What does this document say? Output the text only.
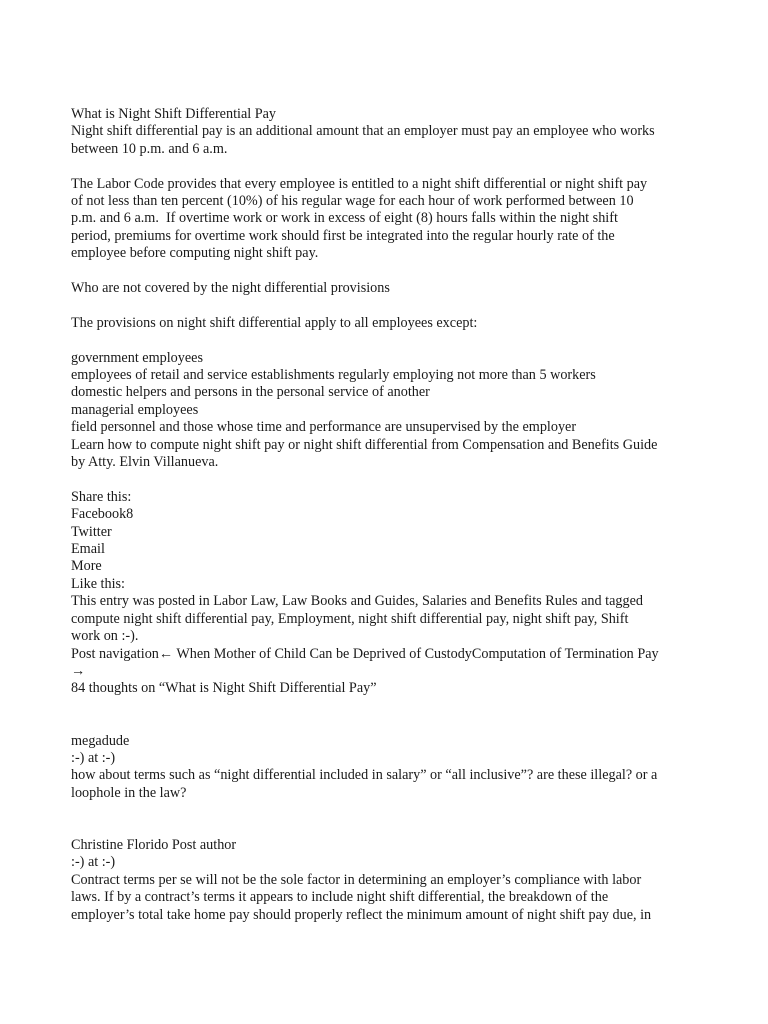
What is Night Shift Differential Pay
Night shift differential pay is an additional amount that an employer must pay an employee who works
between 10 p.m. and 6 a.m.
The Labor Code provides that every employee is entitled to a night shift differential or night shift pay
of not less than ten percent (10%) of his regular wage for each hour of work performed between 10
p.m. and 6 a.m.  If overtime work or work in excess of eight (8) hours falls within the night shift
period, premiums for overtime work should first be integrated into the regular hourly rate of the
employee before computing night shift pay.
Who are not covered by the night differential provisions
The provisions on night shift differential apply to all employees except:
government employees
employees of retail and service establishments regularly employing not more than 5 workers
domestic helpers and persons in the personal service of another
managerial employees
field personnel and those whose time and performance are unsupervised by the employer
Learn how to compute night shift pay or night shift differential from Compensation and Benefits Guide
by Atty. Elvin Villanueva.
Share this:
Facebook8
Twitter
Email
More
Like this:
This entry was posted in Labor Law, Law Books and Guides, Salaries and Benefits Rules and tagged
compute night shift differential pay, Employment, night shift differential pay, night shift pay, Shift
work on :-).
Post navigation← When Mother of Child Can be Deprived of CustodyComputation of Termination Pay
→
84 thoughts on “What is Night Shift Differential Pay”
megadude
:-) at :-)
how about terms such as “night differential included in salary” or “all inclusive”? are these illegal? or a
loophole in the law?
Christine Florido Post author
:-) at :-)
Contract terms per se will not be the sole factor in determining an employer’s compliance with labor
laws. If by a contract’s terms it appears to include night shift differential, the breakdown of the
employer’s total take home pay should properly reflect the minimum amount of night shift pay due, in
